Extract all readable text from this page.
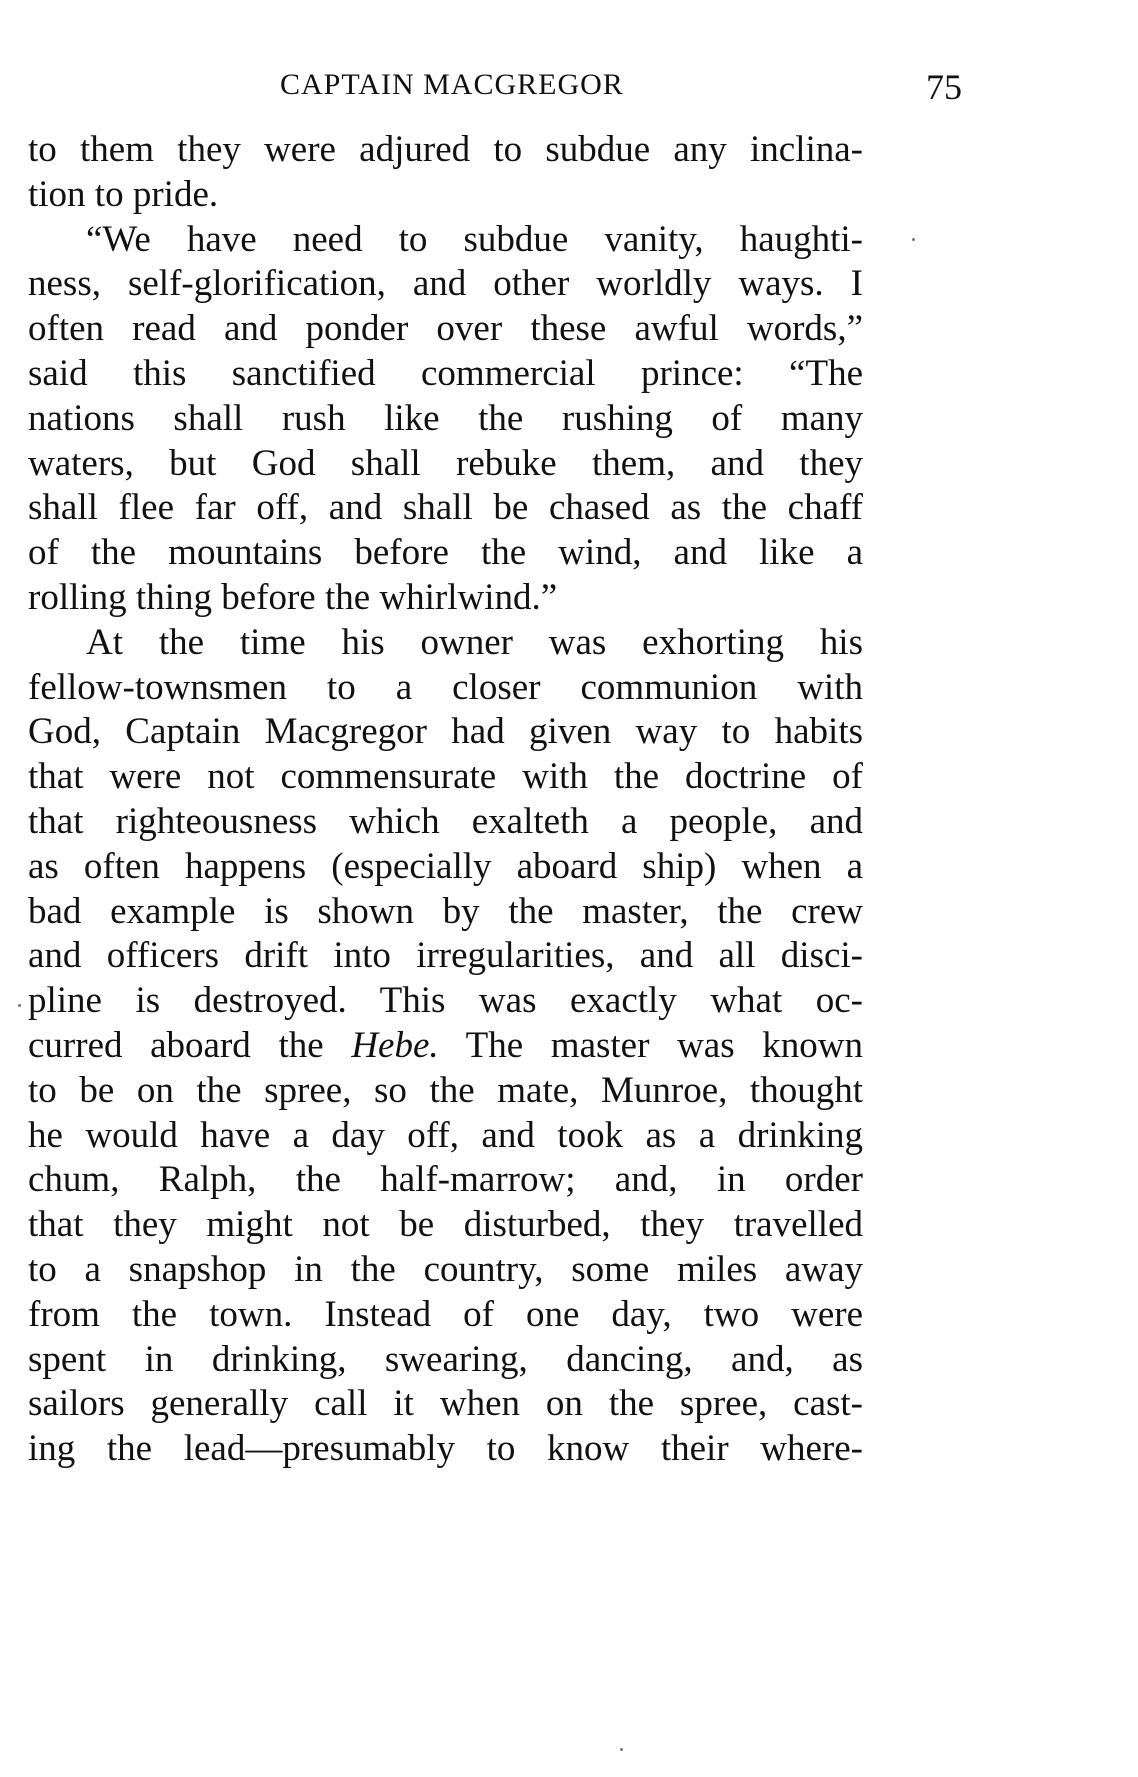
CAPTAIN MACGREGOR	75
to them they were adjured to subdue any inclina-
tion to pride.
“We have need to subdue vanity, haughti-
ness, self-glorification, and other worldly ways. I
often read and ponder over these awful words,”
said this sanctified commercial prince: “The
nations shall rush like the rushing of many
waters, but God shall rebuke them, and they
shall flee far off, and shall be chased as the chaff
of the mountains before the wind, and like a
rolling thing before the whirlwind.”
At the time his owner was exhorting his
fellow-townsmen to a closer communion with
God, Captain Macgregor had given way to habits
that were not commensurate with the doctrine of
that righteousness which exalteth a people, and
as often happens (especially aboard ship) when a
bad example is shown by the master, the crew
and officers drift into irregularities, and all disci-
pline is destroyed. This was exactly what oc-
curred aboard the Hebe. The master was known
to be on the spree, so the mate, Munroe, thought
he would have a day off, and took as a drinking
chum, Ralph, the half-marrow; and, in order
that they might not be disturbed, they travelled
to a snapshop in the country, some miles away
from the town. Instead of one day, two were
spent in drinking, swearing, dancing, and, as
sailors generally call it when on the spree, cast-
ing the lead—presumably to know their where-
